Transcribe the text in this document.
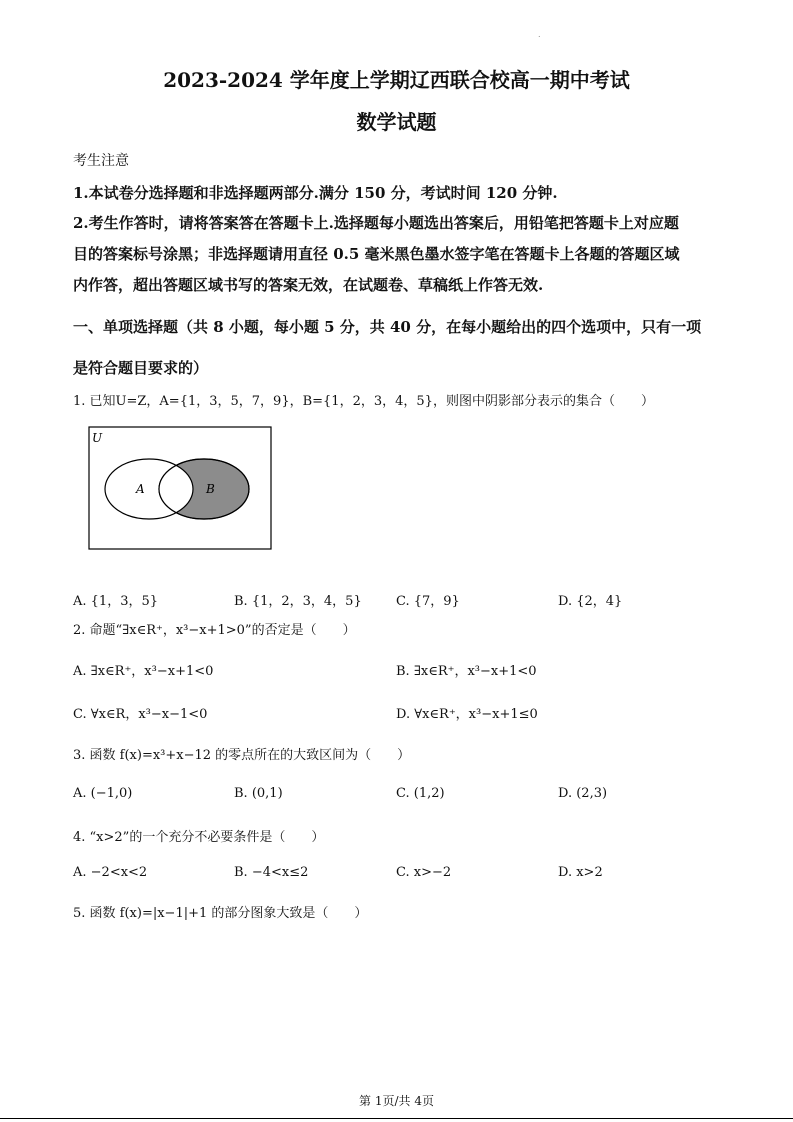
.
2023-2024 学年度上学期辽西联合校高一期中考试
数学试题
考生注意
1.本试卷分选择题和非选择题两部分.满分 150 分，考试时间 120 分钟.
2.考生作答时，请将答案答在答题卡上.选择题每小题选出答案后，用铅笔把答题卡上对应题
目的答案标号涂黑；非选择题请用直径 0.5 毫米黑色墨水签字笔在答题卡上各题的答题区域
内作答，超出答题区域书写的答案无效，在试题卷、草稿纸上作答无效.
一、单项选择题（共 8 小题，每小题 5 分，共 40 分，在每小题给出的四个选项中，只有一项
是符合题目要求的）
1. 已知U=Z，A={1，3，5，7，9}，B={1，2，3，4，5}，则图中阴影部分表示的集合（　　）
U
A	B
A. {1，3，5}	B. {1，2，3，4，5}	C. {7，9}	D. {2，4}
2. 命题“∃x∈R⁺，x³−x+1>0”的否定是（　　）
A. ∃x∈R⁺，x³−x+1<0	B. ∃x∈R⁺，x³−x+1<0
C. ∀x∈R，x³−x−1<0	D. ∀x∈R⁺，x³−x+1≤0
3. 函数 f(x)=x³+x−12 的零点所在的大致区间为（　　）
A. (−1,0)	B. (0,1)	C. (1,2)	D. (2,3)
4. “x>2”的一个充分不必要条件是（　　）
A. −2<x<2	B. −4<x≤2	C. x>−2	D. x>2
5. 函数 f(x)=|x−1|+1 的部分图象大致是（　　）
第 1页/共 4页
